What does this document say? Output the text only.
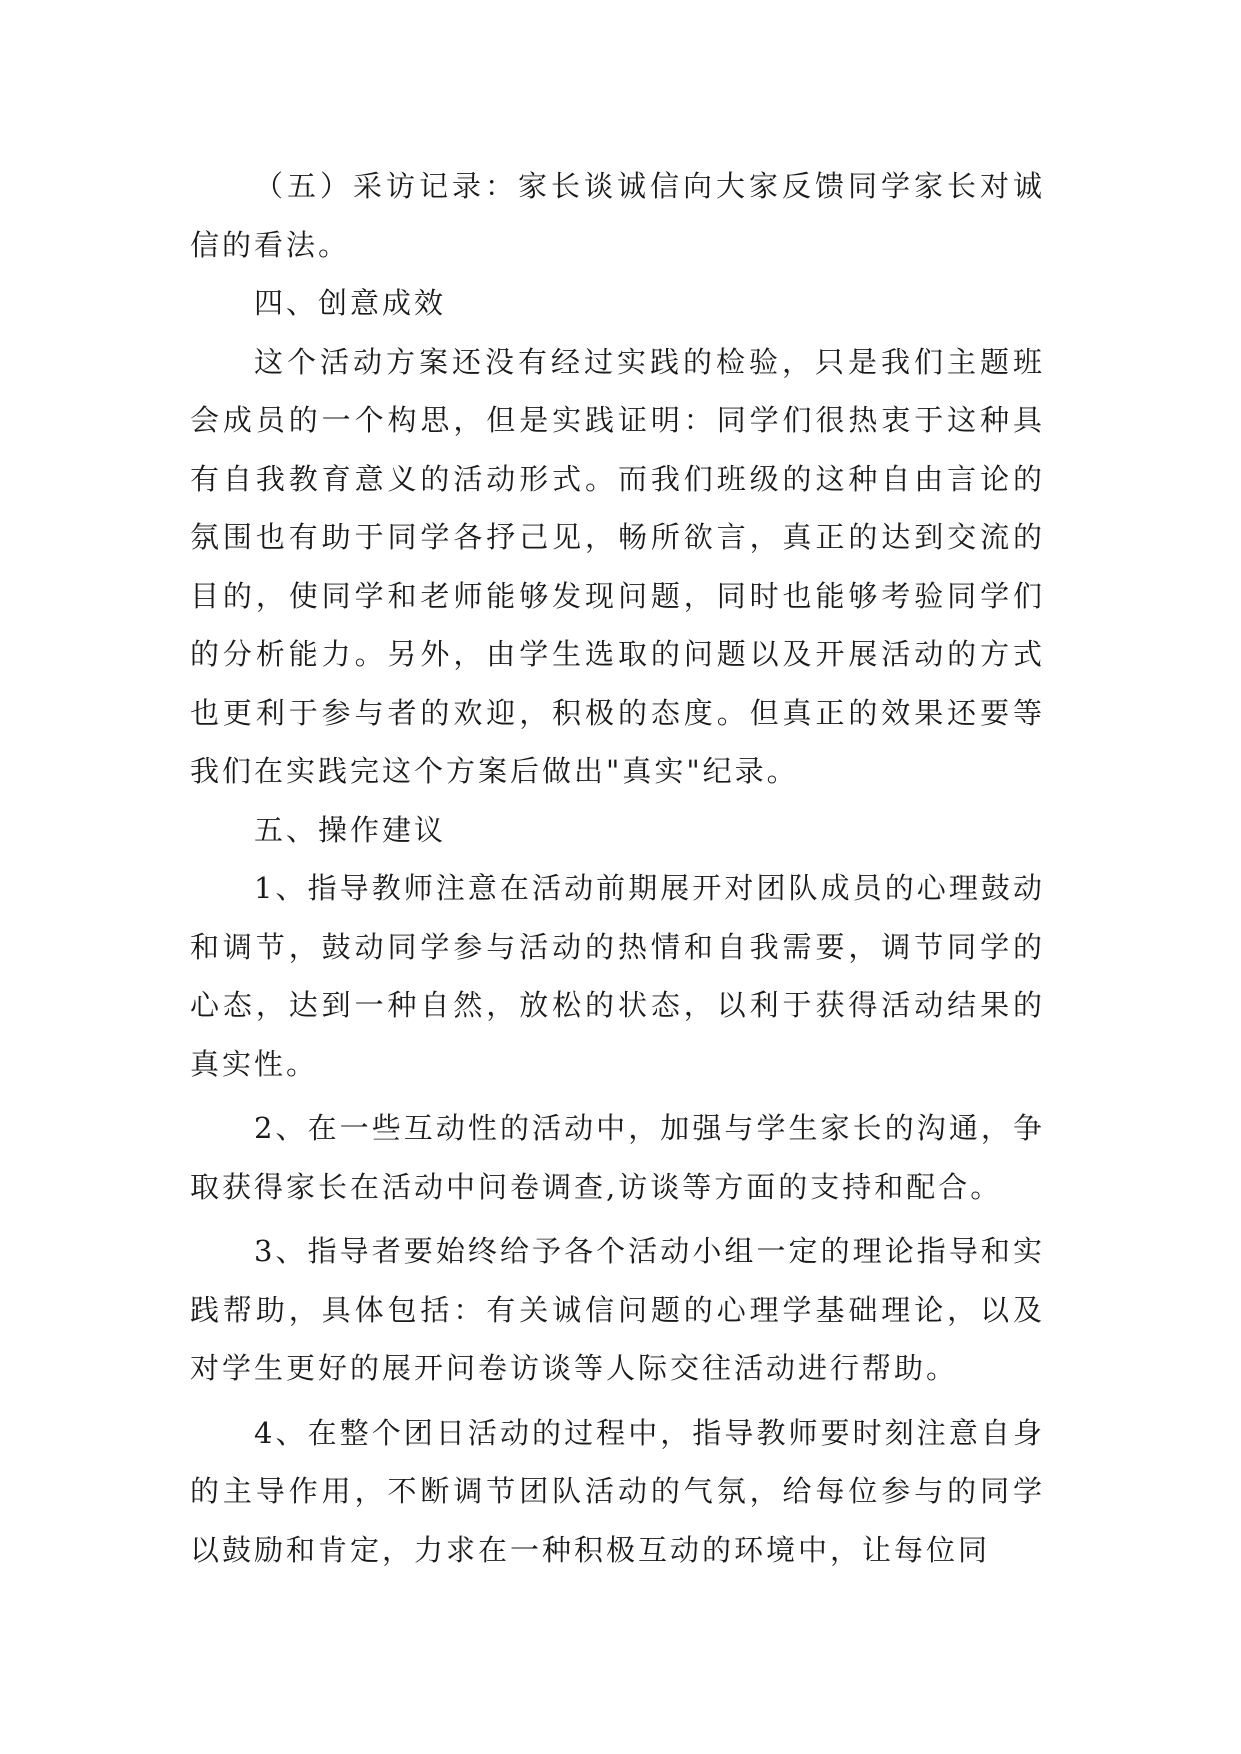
（五）采访记录：家长谈诚信向大家反馈同学家长对诚信的看法。

四、创意成效

这个活动方案还没有经过实践的检验，只是我们主题班会成员的一个构思，但是实践证明：同学们很热衷于这种具有自我教育意义的活动形式。而我们班级的这种自由言论的氛围也有助于同学各抒己见，畅所欲言，真正的达到交流的目的，使同学和老师能够发现问题，同时也能够考验同学们的分析能力。另外，由学生选取的问题以及开展活动的方式也更利于参与者的欢迎，积极的态度。但真正的效果还要等我们在实践完这个方案后做出"真实"纪录。

五、操作建议

1、指导教师注意在活动前期展开对团队成员的心理鼓动和调节，鼓动同学参与活动的热情和自我需要，调节同学的心态，达到一种自然，放松的状态，以利于获得活动结果的真实性。

2、在一些互动性的活动中，加强与学生家长的沟通，争取获得家长在活动中问卷调查,访谈等方面的支持和配合。

3、指导者要始终给予各个活动小组一定的理论指导和实践帮助，具体包括：有关诚信问题的心理学基础理论，以及对学生更好的展开问卷访谈等人际交往活动进行帮助。

4、在整个团日活动的过程中，指导教师要时刻注意自身的主导作用，不断调节团队活动的气氛，给每位参与的同学以鼓励和肯定，力求在一种积极互动的环境中，让每位同
